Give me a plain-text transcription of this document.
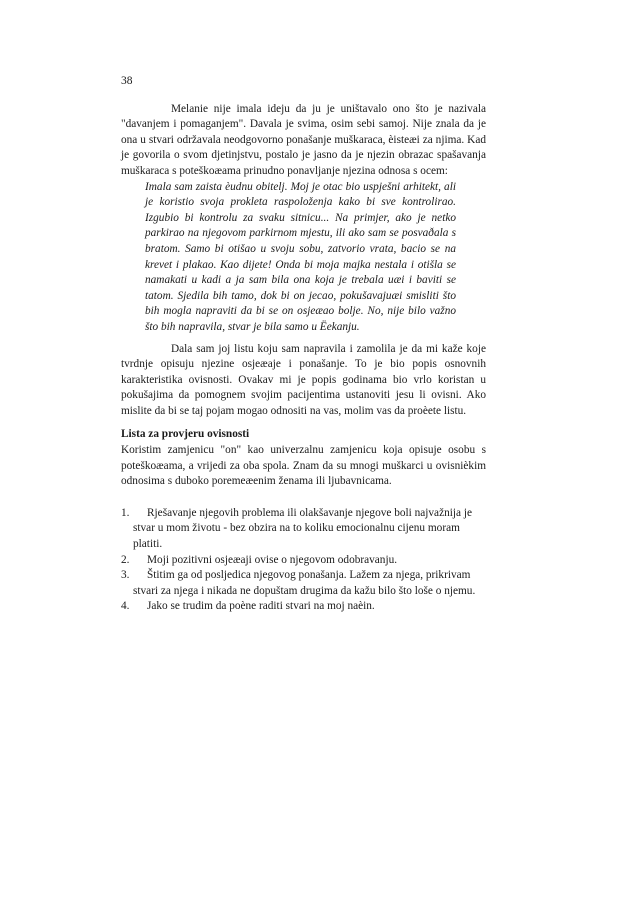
38

Melanie nije imala ideju da ju je uništavalo ono što je nazivala "davanjem i pomaganjem". Davala je svima, osim sebi samoj. Nije znala da je ona u stvari održavala neodgovorno ponašanje muškaraca, èisteæi za njima. Kad je govorila o svom djetinjstvu, postalo je jasno da je njezin obrazac spašavanja muškaraca s poteškoæama prinudno ponavljanje njezina odnosa s ocem:

Imala sam zaista èudnu obitelj. Moj je otac bio uspješni arhitekt, ali je koristio svoja prokleta raspoloženja kako bi sve kontrolirao. Izgubio bi kontrolu za svaku sitnicu... Na primjer, ako je netko parkirao na njegovom parkirnom mjestu, ili ako sam se posvaðala s bratom. Samo bi otišao u svoju sobu, zatvorio vrata, bacio se na krevet i plakao. Kao dijete! Onda bi moja majka nestala i otišla se namakati u kadi a ja sam bila ona koja je trebala uæi i baviti se tatom. Sjedila bih tamo, dok bi on jecao, pokušavajuæi smisliti što bih mogla napraviti da bi se on osjeæao bolje. No, nije bilo važno što bih napravila, stvar je bila samo u Ëekanju.

Dala sam joj listu koju sam napravila i zamolila je da mi kaže koje tvrdnje opisuju njezine osjeæaje i ponašanje. To je bio popis osnovnih karakteristika ovisnosti. Ovakav mi je popis godinama bio vrlo koristan u pokušajima da pomognem svojim pacijentima ustanoviti jesu li ovisni. Ako mislite da bi se taj pojam mogao odnositi na vas, molim vas da proèete listu.

Lista za provjeru ovisnosti

Koristim zamjenicu "on" kao univerzalnu zamjenicu koja opisuje osobu s poteškoæama, a vrijedi za oba spola. Znam da su mnogi muškarci u ovisnièkim odnosima s duboko poremeæenim ženama ili ljubavnicama.

1.	Rješavanje njegovih problema ili olakšavanje njegove boli najvažnija je stvar u mom životu - bez obzira na to koliku emocionalnu cijenu moram platiti.
2.	Moji pozitivni osjeæaji ovise o njegovom odobravanju.
3.	Štitim ga od posljedica njegovog ponašanja. Lažem za njega, prikrivam stvari za njega i nikada ne dopuštam drugima da kažu bilo što loše o njemu.
4.	Jako se trudim da poène raditi stvari na moj naèin.
